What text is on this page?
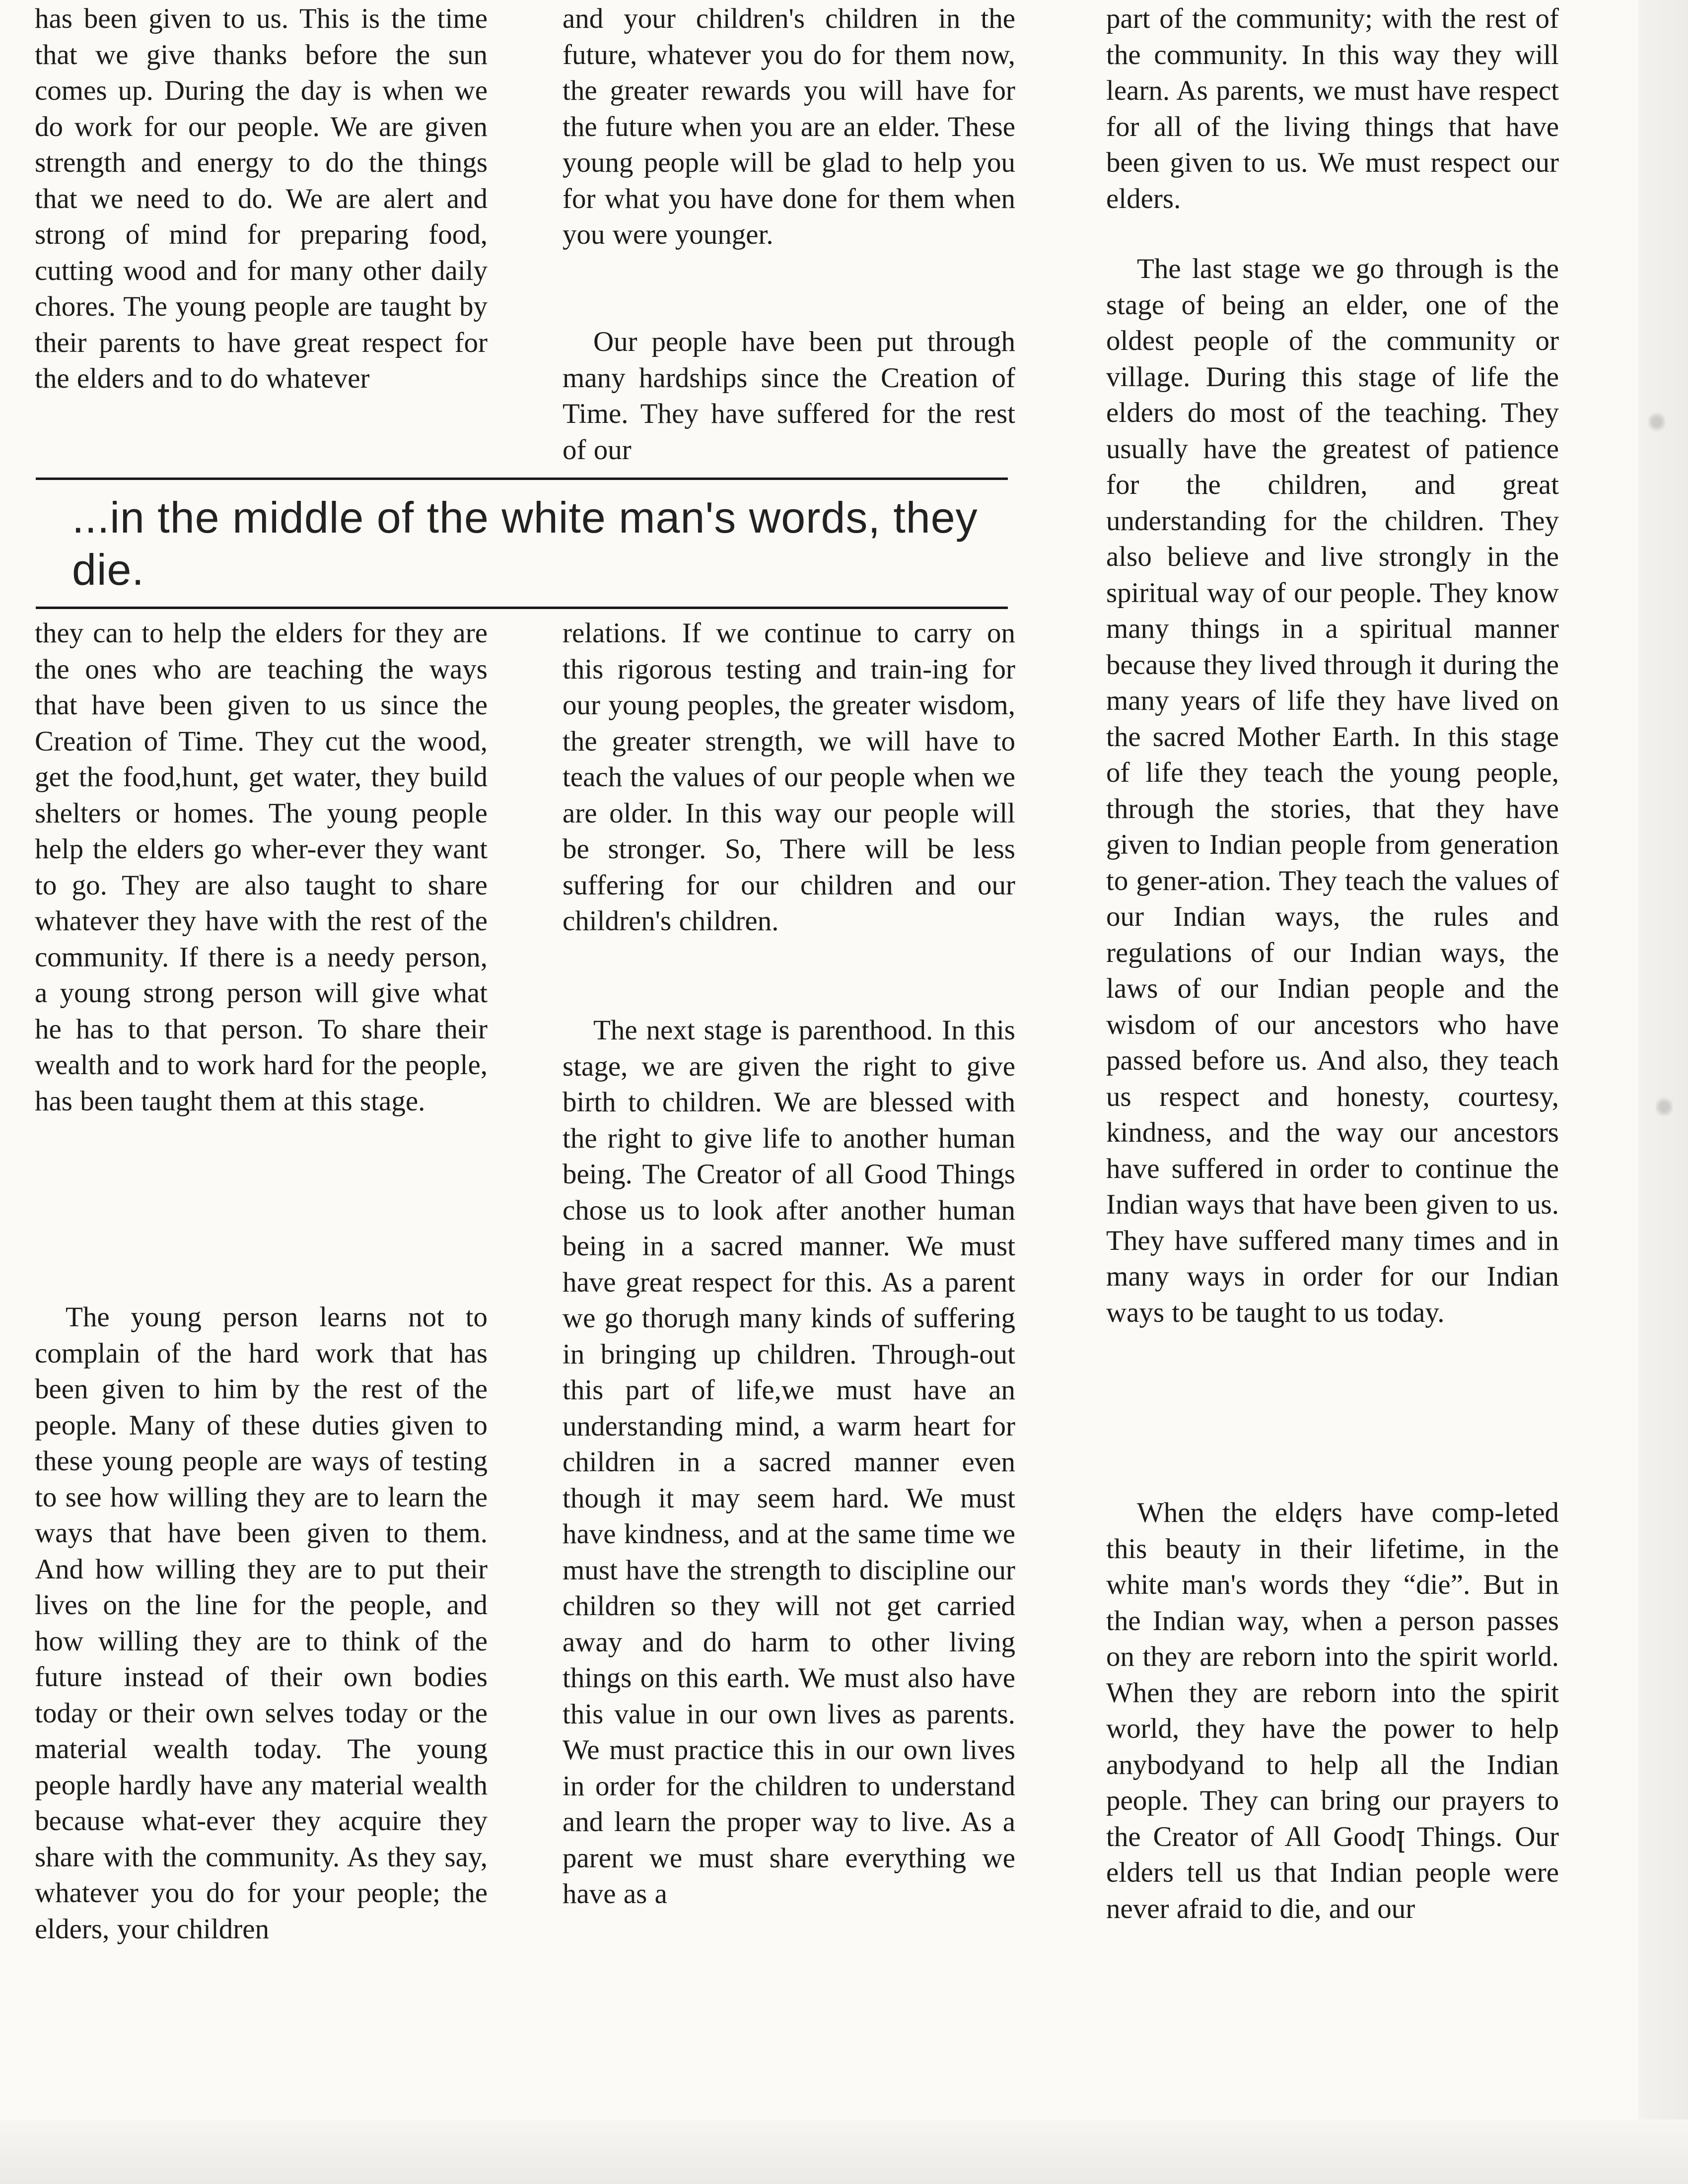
has been given to us. This is the time that we give thanks before the sun comes up. During the day is when we do work for our people. We are given strength and energy to do the things that we need to do. We are alert and strong of mind for preparing food, cutting wood and for many other daily chores. The young people are taught by their parents to have great respect for the elders and to do whatever

they can to help the elders for they are the ones who are teaching the ways that have been given to us since the Creation of Time. They cut the wood, get the food,hunt, get water, they build shelters or homes. The young people help the elders go wher-ever they want to go. They are also taught to share whatever they have with the rest of the community. If there is a needy person, a young strong person will give what he has to that person. To share their wealth and to work hard for the people, has been taught them at this stage.

The young person learns not to complain of the hard work that has been given to him by the rest of the people. Many of these duties given to these young people are ways of testing to see how willing they are to learn the ways that have been given to them. And how willing they are to put their lives on the line for the people, and how willing they are to think of the future instead of their own bodies today or their own selves today or the material wealth today. The young people hardly have any material wealth because what-ever they acquire they share with the community. As they say, whatever you do for your people; the elders, your children

and your children's children in the future, whatever you do for them now, the greater rewards you will have for the future when you are an elder. These young people will be glad to help you for what you have done for them when you were younger.

Our people have been put through many hardships since the Creation of Time. They have suffered for the rest of our

relations. If we continue to carry on this rigorous testing and train-ing for our young peoples, the greater wisdom, the greater strength, we will have to teach the values of our people when we are older. In this way our people will be stronger. So, There will be less suffering for our children and our children's children.

The next stage is parenthood. In this stage, we are given the right to give birth to children. We are blessed with the right to give life to another human being. The Creator of all Good Things chose us to look after another human being in a sacred manner. We must have great respect for this. As a parent we go thorugh many kinds of suffering in bringing up children. Through-out this part of life,we must have an understanding mind, a warm heart for children in a sacred manner even though it may seem hard. We must have kindness, and at the same time we must have the strength to discipline our children so they will not get carried away and do harm to other living things on this earth. We must also have this value in our own lives as parents. We must practice this in our own lives in order for the children to understand and learn the proper way to live. As a parent we must share everything we have as a

part of the community; with the rest of the community. In this way they will learn. As parents, we must have respect for all of the living things that have been given to us. We must respect our elders.

The last stage we go through is the stage of being an elder, one of the oldest people of the community or village. During this stage of life the elders do most of the teaching. They usually have the greatest of patience for the children, and great understanding for the children. They also believe and live strongly in the spiritual way of our people. They know many things in a spiritual manner because they lived through it during the many years of life they have lived on the sacred Mother Earth. In this stage of life they teach the young people, through the stories, that they have given to Indian people from generation to gener-ation. They teach the values of our Indian ways, the rules and regulations of our Indian ways, the laws of our Indian people and the wisdom of our ancestors who have passed before us. And also, they teach us respect and honesty, courtesy, kindness, and the way our ancestors have suffered in order to continue the Indian ways that have been given to us. They have suffered many times and in many ways in order for our Indian ways to be taught to us today.

When the eldęrs have comp-leted this beauty in their lifetime, in the white man's words they “die”. But in the Indian way, when a person passes on they are reborn into the spirit world. When they are reborn into the spirit world, they have the power to help anybodyand to help all the Indian people. They can bring our prayers to the Creator of All Goodꞁ Things. Our elders tell us that Indian people were never afraid to die, and our

...in the middle of the white man's words, they die.
